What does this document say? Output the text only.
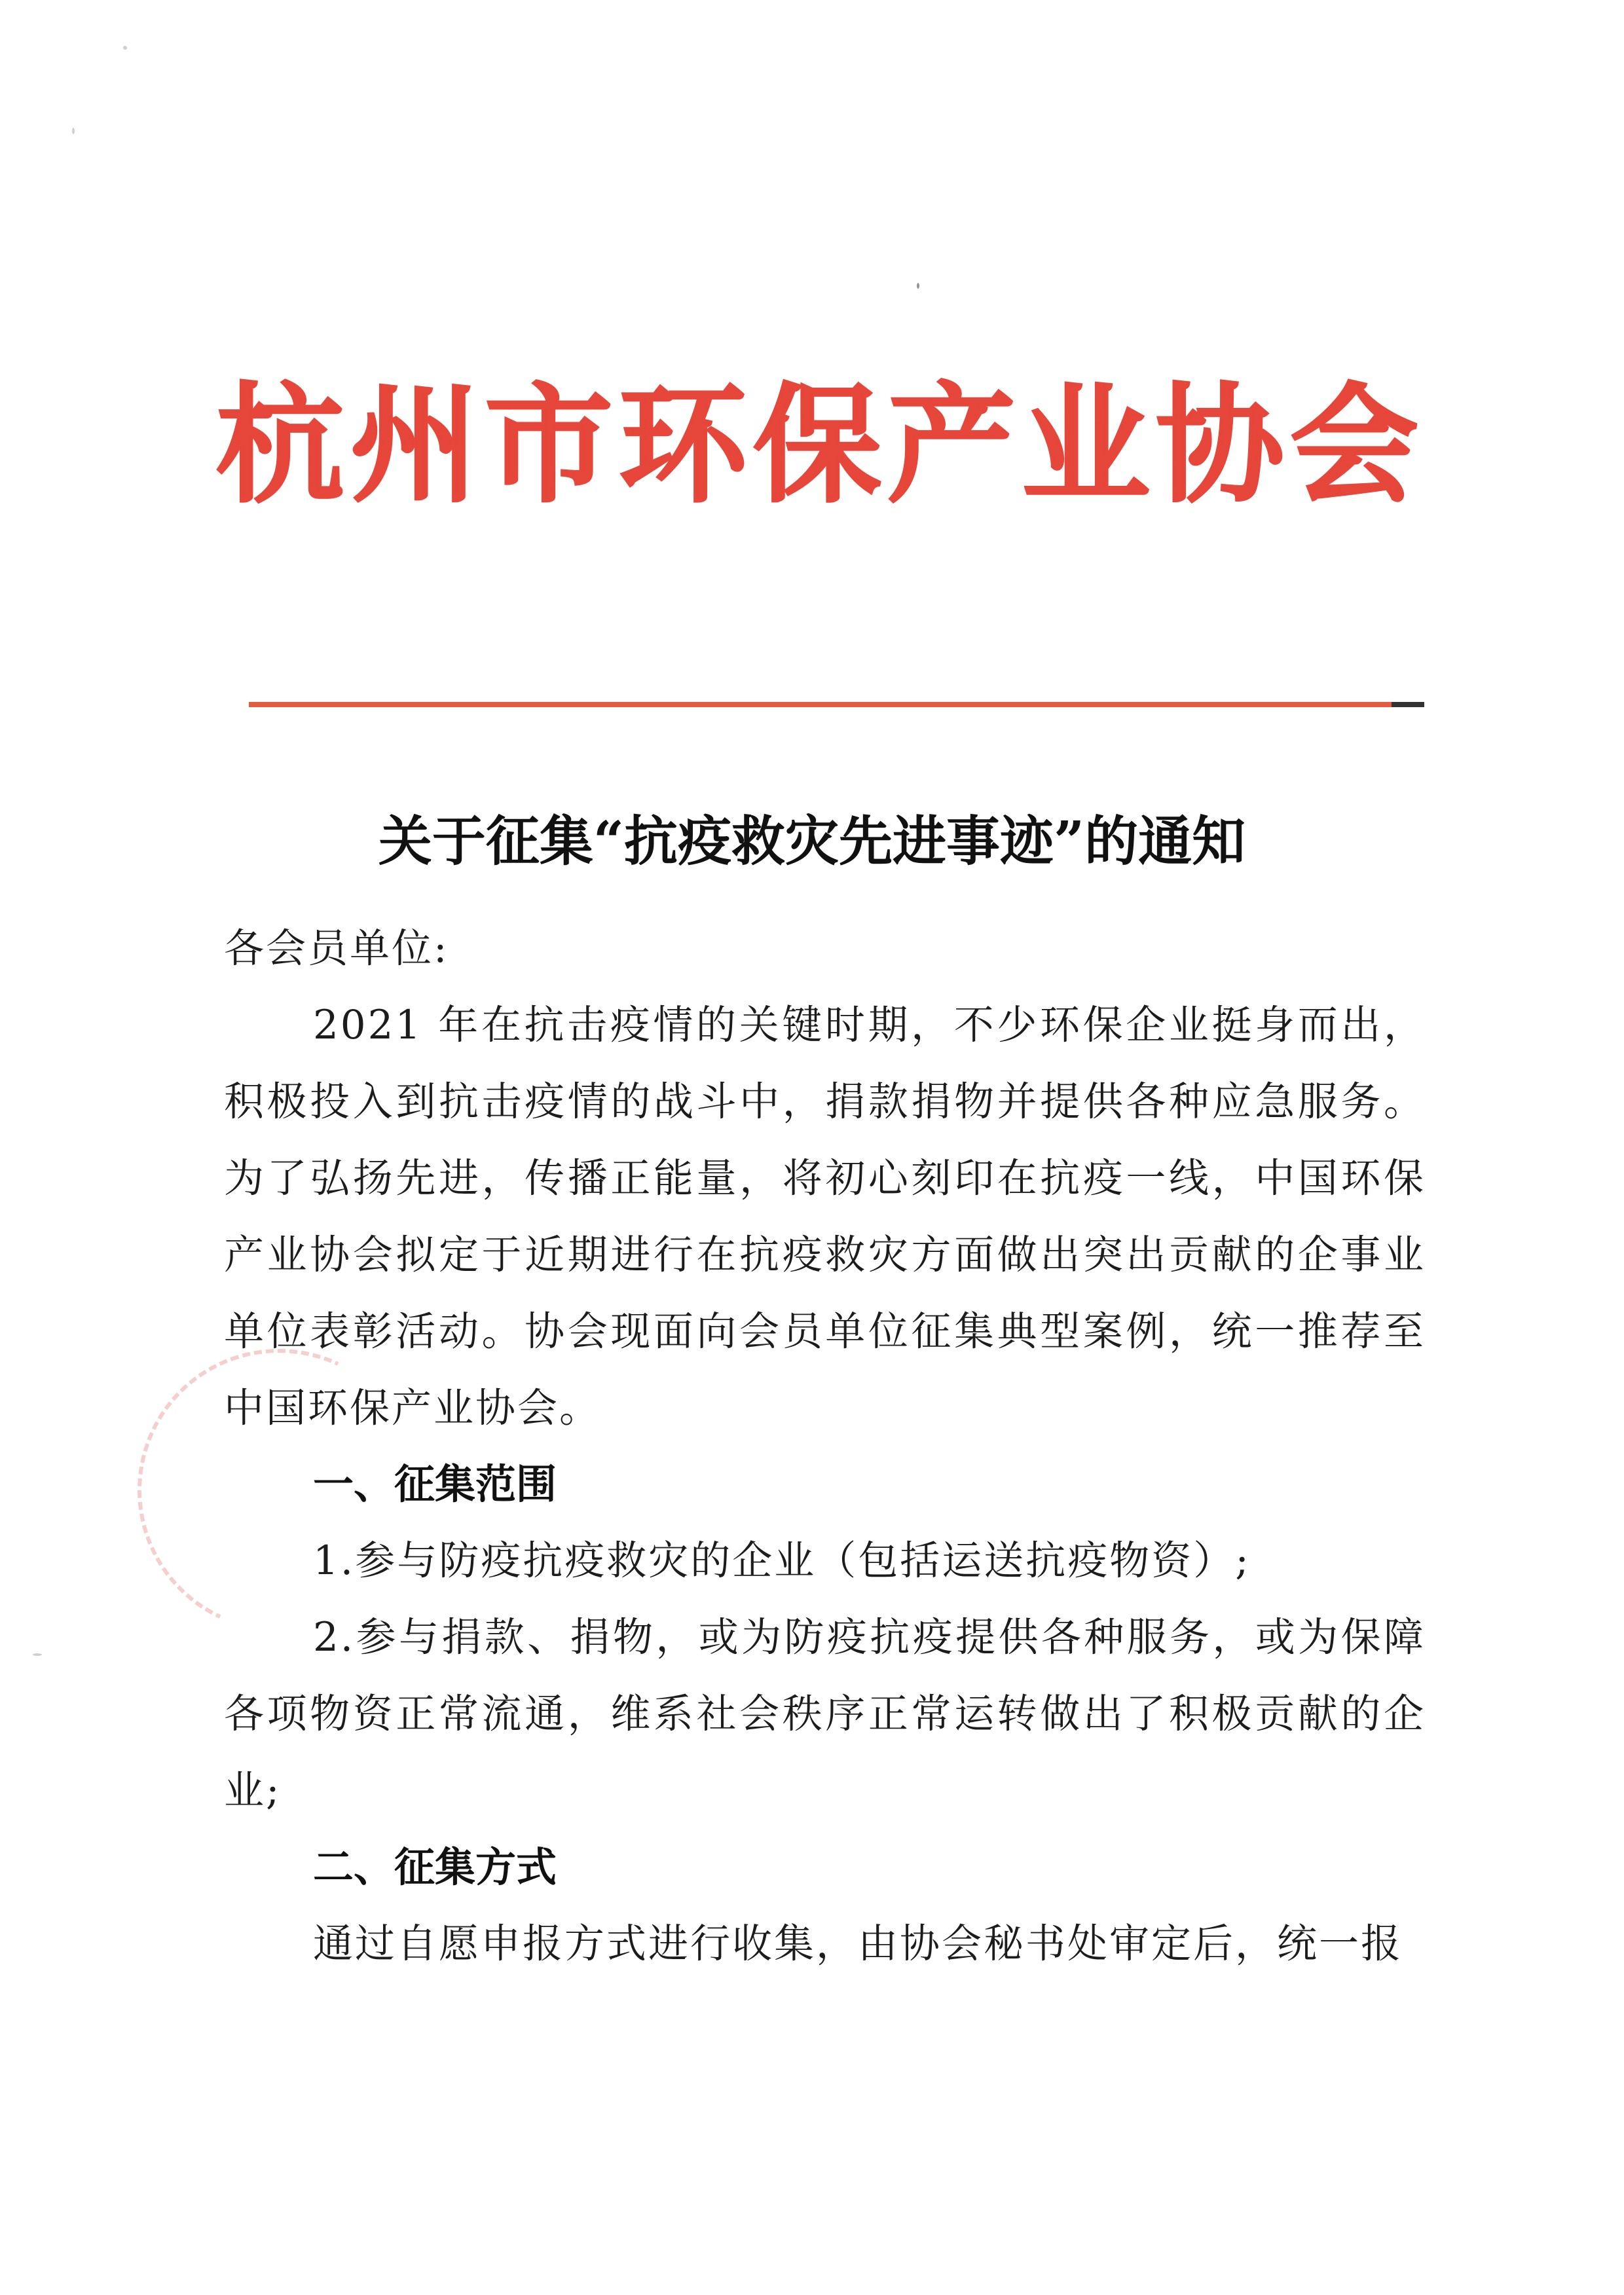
杭州市环保产业协会
关于征集“抗疫救灾先进事迹”的通知
各会员单位:
2021 年在抗击疫情的关键时期，不少环保企业挺身而出，积极投入到抗击疫情的战斗中，捐款捐物并提供各种应急服务。为了弘扬先进，传播正能量，将初心刻印在抗疫一线，中国环保产业协会拟定于近期进行在抗疫救灾方面做出突出贡献的企事业单位表彰活动。协会现面向会员单位征集典型案例，统一推荐至中国环保产业协会。
一、征集范围
1.参与防疫抗疫救灾的企业（包括运送抗疫物资）;
2.参与捐款、捐物，或为防疫抗疫提供各种服务，或为保障各项物资正常流通，维系社会秩序正常运转做出了积极贡献的企业;
二、征集方式
通过自愿申报方式进行收集，由协会秘书处审定后，统一报
